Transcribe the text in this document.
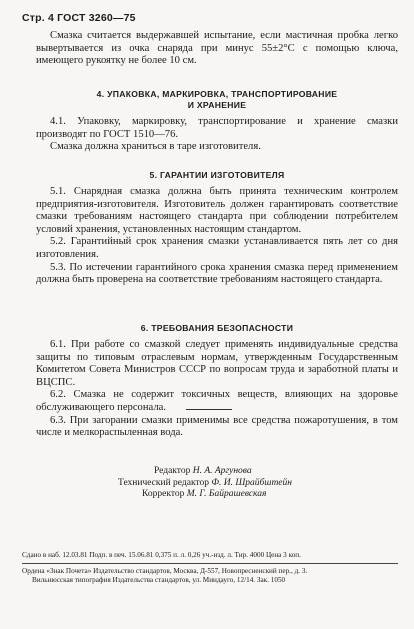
Стр. 4 ГОСТ 3260—75

Смазка считается выдержавшей испытание, если мастичная пробка легко вывертывается из очка снаряда при минус 55±2°C с помощью ключа, имеющего рукоятку не более 10 см.

4. УПАКОВКА, МАРКИРОВКА, ТРАНСПОРТИРОВАНИЕ
И ХРАНЕНИЕ

4.1. Упаковку, маркировку, транспортирование и хранение смазки производят по ГОСТ 1510—76.

Смазка должна храниться в таре изготовителя.

5. ГАРАНТИИ ИЗГОТОВИТЕЛЯ

5.1. Снарядная смазка должна быть принята техническим контролем предприятия-изготовителя. Изготовитель должен гарантировать соответствие смазки требованиям настоящего стандарта при соблюдении потребителем условий хранения, установленных настоящим стандартом.

5.2. Гарантийный срок хранения смазки устанавливается пять лет со дня изготовления.

5.3. По истечении гарантийного срока хранения смазка перед применением должна быть проверена на соответствие требованиям настоящего стандарта.

6. ТРЕБОВАНИЯ БЕЗОПАСНОСТИ

6.1. При работе со смазкой следует применять индивидуальные средства защиты по типовым отраслевым нормам, утвержденным Государственным Комитетом Совета Министров СССР по вопросам труда и заработной платы и ВЦСПС.

6.2. Смазка не содержит токсичных веществ, влияющих на здоровье обслуживающего персонала.

6.3. При загорании смазки применимы все средства пожаротушения, в том числе и мелкораспыленная вода.

Редактор Н. А. Аргунова
Технический редактор Ф. И. Шрайбштейн
Корректор М. Г. Байрашевская
Сдано в наб. 12.03.81 Подп. в печ. 15.06.81 0,375 п. л. 0,26 уч.-изд. л. Тир. 4000 Цена 3 коп.
Ордена «Знак Почета» Издательство стандартов, Москва, Д-557, Новопресненский пер., д. 3.
Вильнюсская типография Издательства стандартов, ул. Миндауго, 12/14. Зак. 1050
